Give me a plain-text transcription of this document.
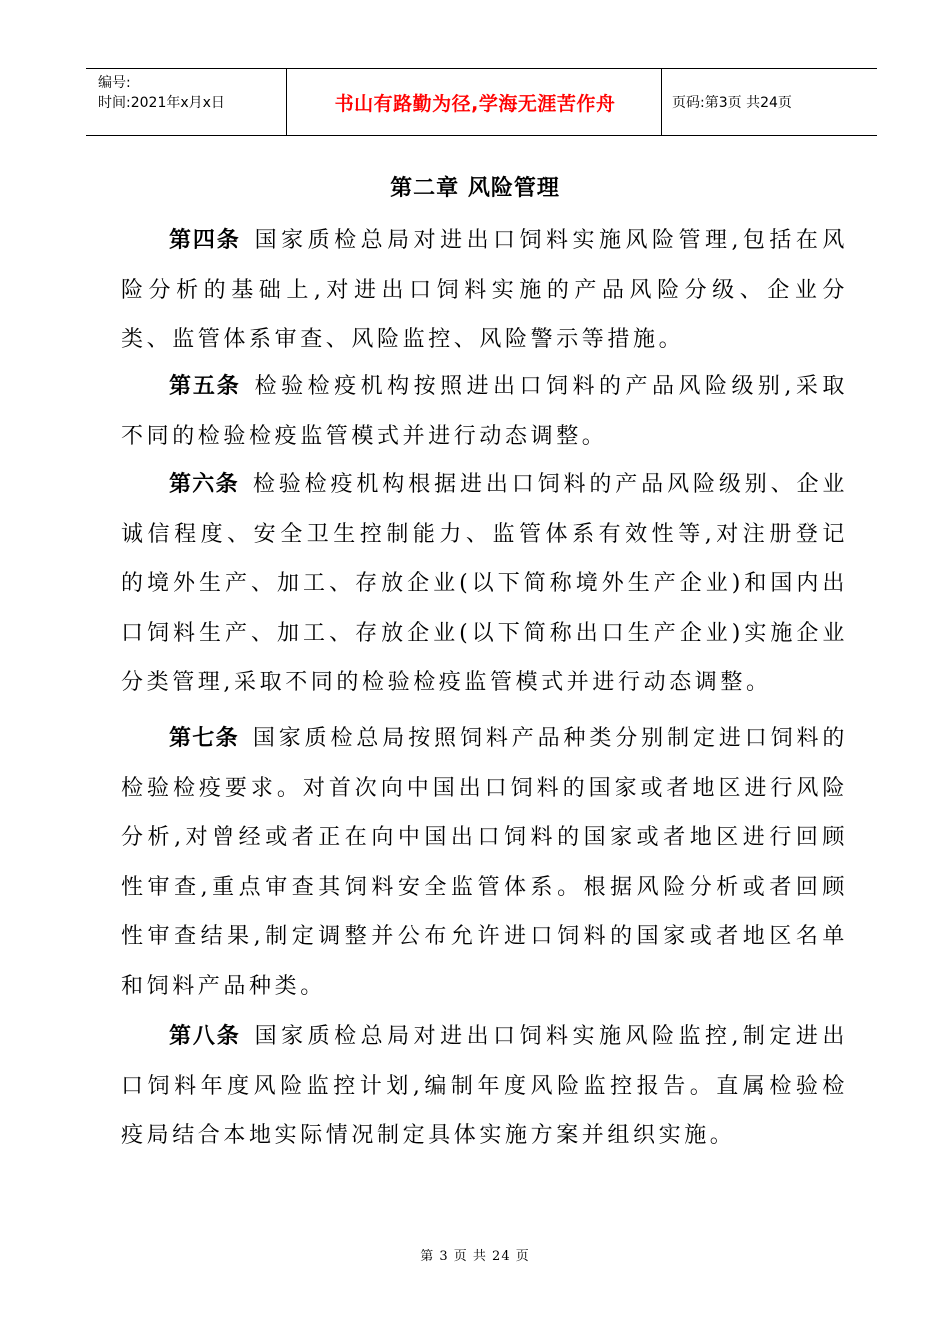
编号:
时间:2021年x月x日	书山有路勤为径,学海无涯苦作舟	页码:第3页 共24页
第二章 风险管理

第四条 国家质检总局对进出口饲料实施风险管理,包括在风险分析的基础上,对进出口饲料实施的产品风险分级、企业分类、监管体系审查、风险监控、风险警示等措施。

第五条 检验检疫机构按照进出口饲料的产品风险级别,采取不同的检验检疫监管模式并进行动态调整。

第六条 检验检疫机构根据进出口饲料的产品风险级别、企业诚信程度、安全卫生控制能力、监管体系有效性等,对注册登记的境外生产、加工、存放企业(以下简称境外生产企业)和国内出口饲料生产、加工、存放企业(以下简称出口生产企业)实施企业分类管理,采取不同的检验检疫监管模式并进行动态调整。

第七条 国家质检总局按照饲料产品种类分别制定进口饲料的检验检疫要求。对首次向中国出口饲料的国家或者地区进行风险分析,对曾经或者正在向中国出口饲料的国家或者地区进行回顾性审查,重点审查其饲料安全监管体系。根据风险分析或者回顾性审查结果,制定调整并公布允许进口饲料的国家或者地区名单和饲料产品种类。

第八条 国家质检总局对进出口饲料实施风险监控,制定进出口饲料年度风险监控计划,编制年度风险监控报告。直属检验检疫局结合本地实际情况制定具体实施方案并组织实施。

第 3 页 共 24 页
